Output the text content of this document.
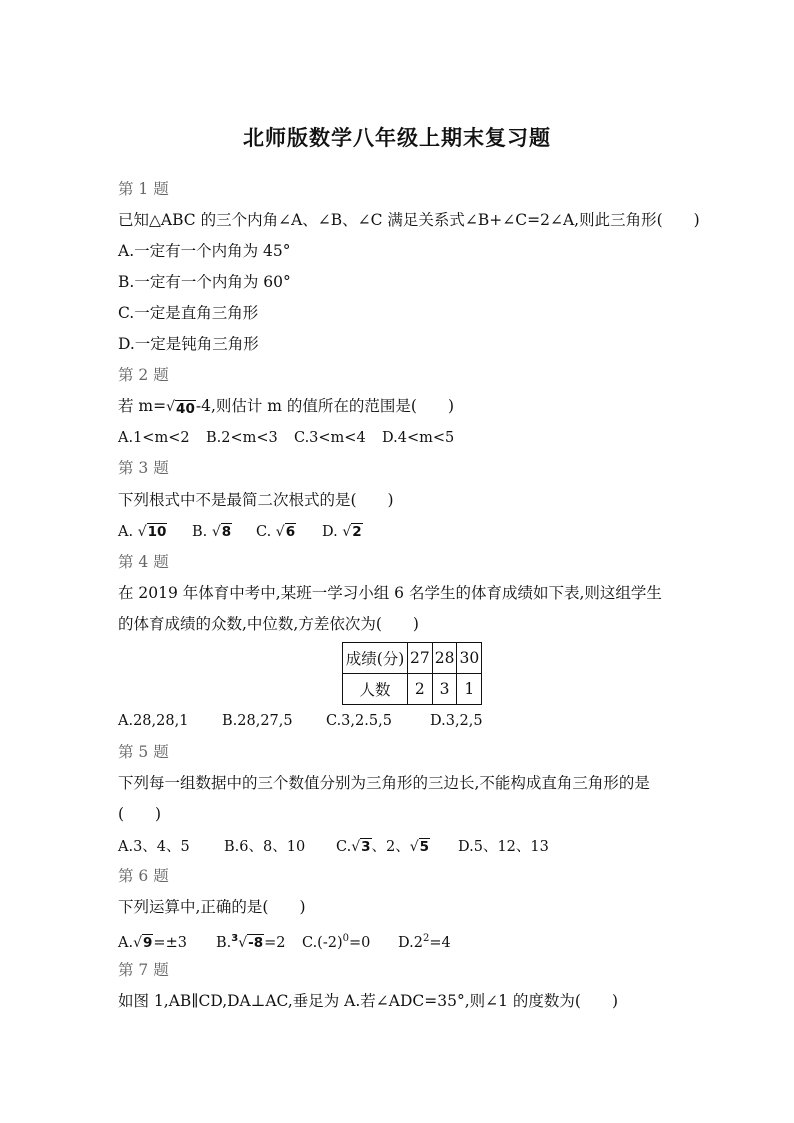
北师版数学八年级上期末复习题
第 1 题
已知△ABC 的三个内角∠A、∠B、∠C 满足关系式∠B+∠C=2∠A,则此三角形(　　)
A.一定有一个内角为 45°
B.一定有一个内角为 60°
C.一定是直角三角形
D.一定是钝角三角形
第 2 题
若 m= √ 40 -4,则估计 m 的值所在的范围是(　　)
A.1<m<2 B.2<m<3 C.3<m<4 D.4<m<5
第 3 题
下列根式中不是最简二次根式的是(　　)
A. √10 B. √8 C. √6 D. √2
第 4 题
在 2019 年体育中考中,某班一学习小组 6 名学生的体育成绩如下表,则这组学生
的体育成绩的众数,中位数,方差依次为(　　)
成绩(分)	27	28	30
人数	2	3	1
A.28,28,1 B.28,27,5 C.3,2.5,5	D.3,2,5
第 5 题
下列每一组数据中的三个数值分别为三角形的三边长,不能构成直角三角形的是
(　　)
A.3、4、5 B.6、8、10 C.√3、2、√5 D.5、12、13
第 6 题
下列运算中,正确的是(　　)
A.√9=±3 B.$^3$√-8=2 $C.(-2)^0=0$ $D.2^2=4$
第 7 题
如图 1,AB∥CD,DA⊥AC,垂足为 A.若∠ADC=35°,则∠1 的度数为(　　)
